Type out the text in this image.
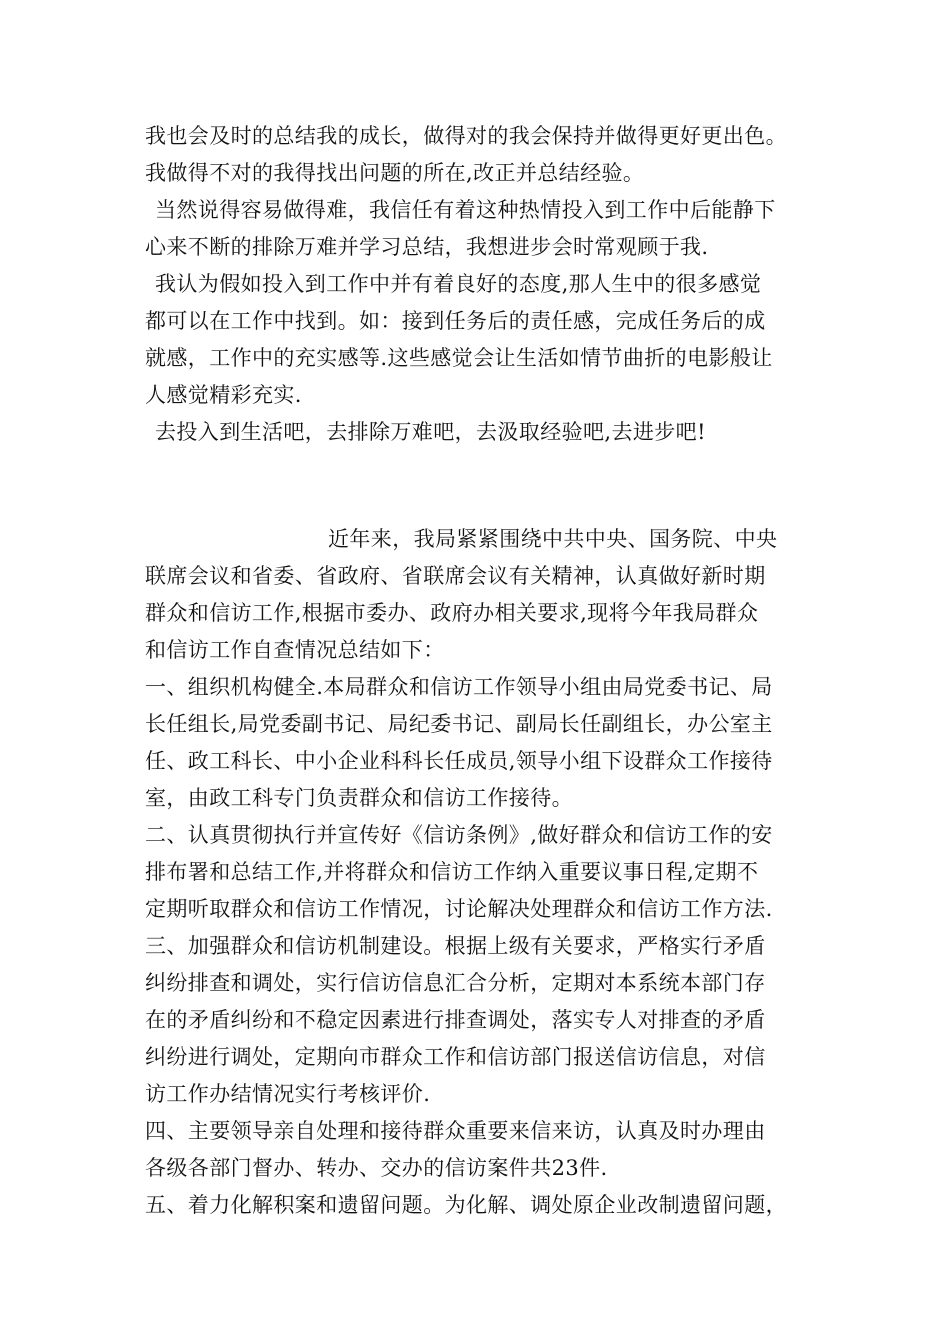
我也会及时的总结我的成长，做得对的我会保持并做得更好更出色。
我做得不对的我得找出问题的所在,改正并总结经验。
当然说得容易做得难，我信任有着这种热情投入到工作中后能静下
心来不断的排除万难并学习总结，我想进步会时常观顾于我.
我认为假如投入到工作中并有着良好的态度,那人生中的很多感觉
都可以在工作中找到。如：接到任务后的责任感，完成任务后的成
就感，工作中的充实感等.这些感觉会让生活如情节曲折的电影般让
人感觉精彩充实.
去投入到生活吧，去排除万难吧，去汲取经验吧,去进步吧!
近年来，我局紧紧围绕中共中央、国务院、中央
联席会议和省委、省政府、省联席会议有关精神，认真做好新时期
群众和信访工作,根据市委办、政府办相关要求,现将今年我局群众
和信访工作自查情况总结如下：
一、组织机构健全.本局群众和信访工作领导小组由局党委书记、局
长任组长,局党委副书记、局纪委书记、副局长任副组长，办公室主
任、政工科长、中小企业科科长任成员,领导小组下设群众工作接待
室，由政工科专门负责群众和信访工作接待。
二、认真贯彻执行并宣传好《信访条例》,做好群众和信访工作的安
排布署和总结工作,并将群众和信访工作纳入重要议事日程,定期不
定期听取群众和信访工作情况，讨论解决处理群众和信访工作方法.
三、加强群众和信访机制建设。根据上级有关要求，严格实行矛盾
纠纷排查和调处，实行信访信息汇合分析，定期对本系统本部门存
在的矛盾纠纷和不稳定因素进行排查调处，落实专人对排查的矛盾
纠纷进行调处，定期向市群众工作和信访部门报送信访信息，对信
访工作办结情况实行考核评价.
四、主要领导亲自处理和接待群众重要来信来访，认真及时办理由
各级各部门督办、转办、交办的信访案件共23件.
五、着力化解积案和遗留问题。为化解、调处原企业改制遗留问题，
